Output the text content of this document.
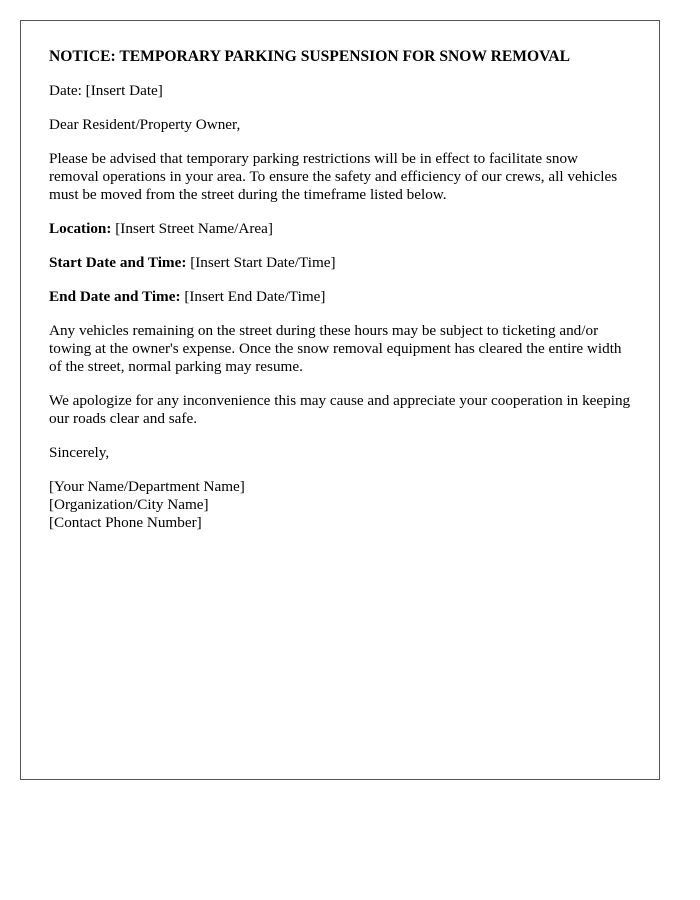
NOTICE: TEMPORARY PARKING SUSPENSION FOR SNOW REMOVAL

Date: [Insert Date]

Dear Resident/Property Owner,

Please be advised that temporary parking restrictions will be in effect to facilitate snow removal operations in your area. To ensure the safety and efficiency of our crews, all vehicles must be moved from the street during the timeframe listed below.

Location: [Insert Street Name/Area]

Start Date and Time: [Insert Start Date/Time]

End Date and Time: [Insert End Date/Time]

Any vehicles remaining on the street during these hours may be subject to ticketing and/or towing at the owner's expense. Once the snow removal equipment has cleared the entire width of the street, normal parking may resume.

We apologize for any inconvenience this may cause and appreciate your cooperation in keeping our roads clear and safe.

Sincerely,

[Your Name/Department Name]
[Organization/City Name]
[Contact Phone Number]
